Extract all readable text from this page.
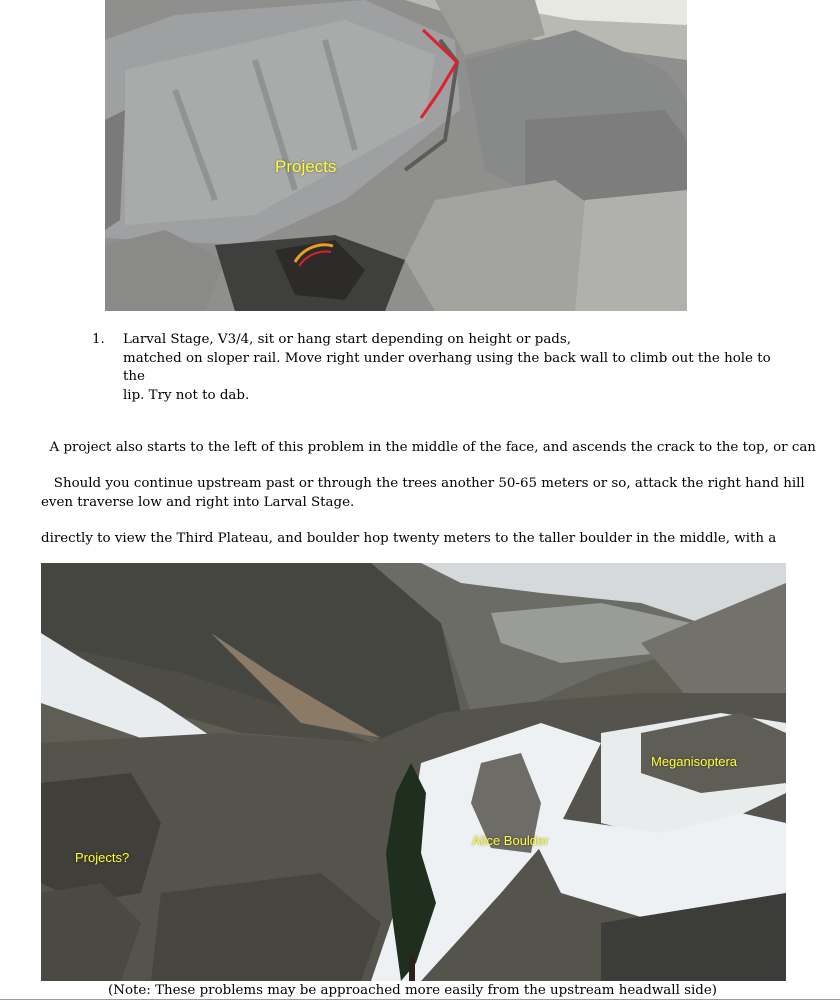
Projects
1. Larval Stage, V3/4, sit or hang start depending on height or pads,
matched on sloper rail. Move right under overhang using the back wall to climb out the hole to the
lip. Try not to dab.

A project also starts to the left of this problem in the middle of the face, and ascends the crack to the top, or can

even traverse low and right into Larval Stage.

Should you continue upstream past or through the trees another 50-65 meters or so, attack the right hand hill

directly to view the Third Plateau, and boulder hop twenty meters to the taller boulder in the middle, with a

Meganisoptera
Alice Boulder
Projects?
(Note: These problems may be approached more easily from the upstream headwall side)
